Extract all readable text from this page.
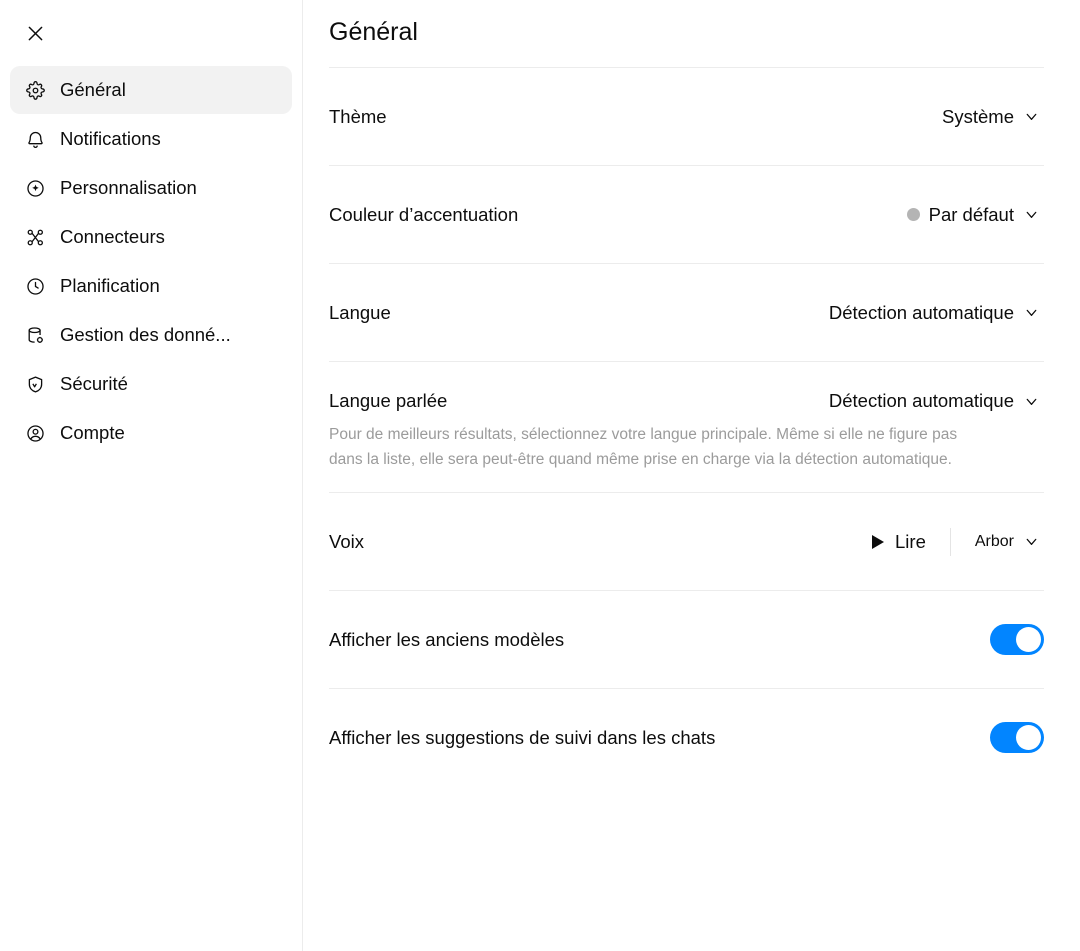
Général
Notifications
Personnalisation
Connecteurs
Planification
Gestion des donné...
Sécurité
Compte
Général
Thème	Système
Couleur d’accentuation	Par défaut
Langue	Détection automatique
Langue parlée	Détection automatique
Pour de meilleurs résultats, sélectionnez votre langue principale. Même si elle ne figure pas dans la liste, elle sera peut-être quand même prise en charge via la détection automatique.
Voix	Lire	Arbor
Afficher les anciens modèles
Afficher les suggestions de suivi dans les chats
